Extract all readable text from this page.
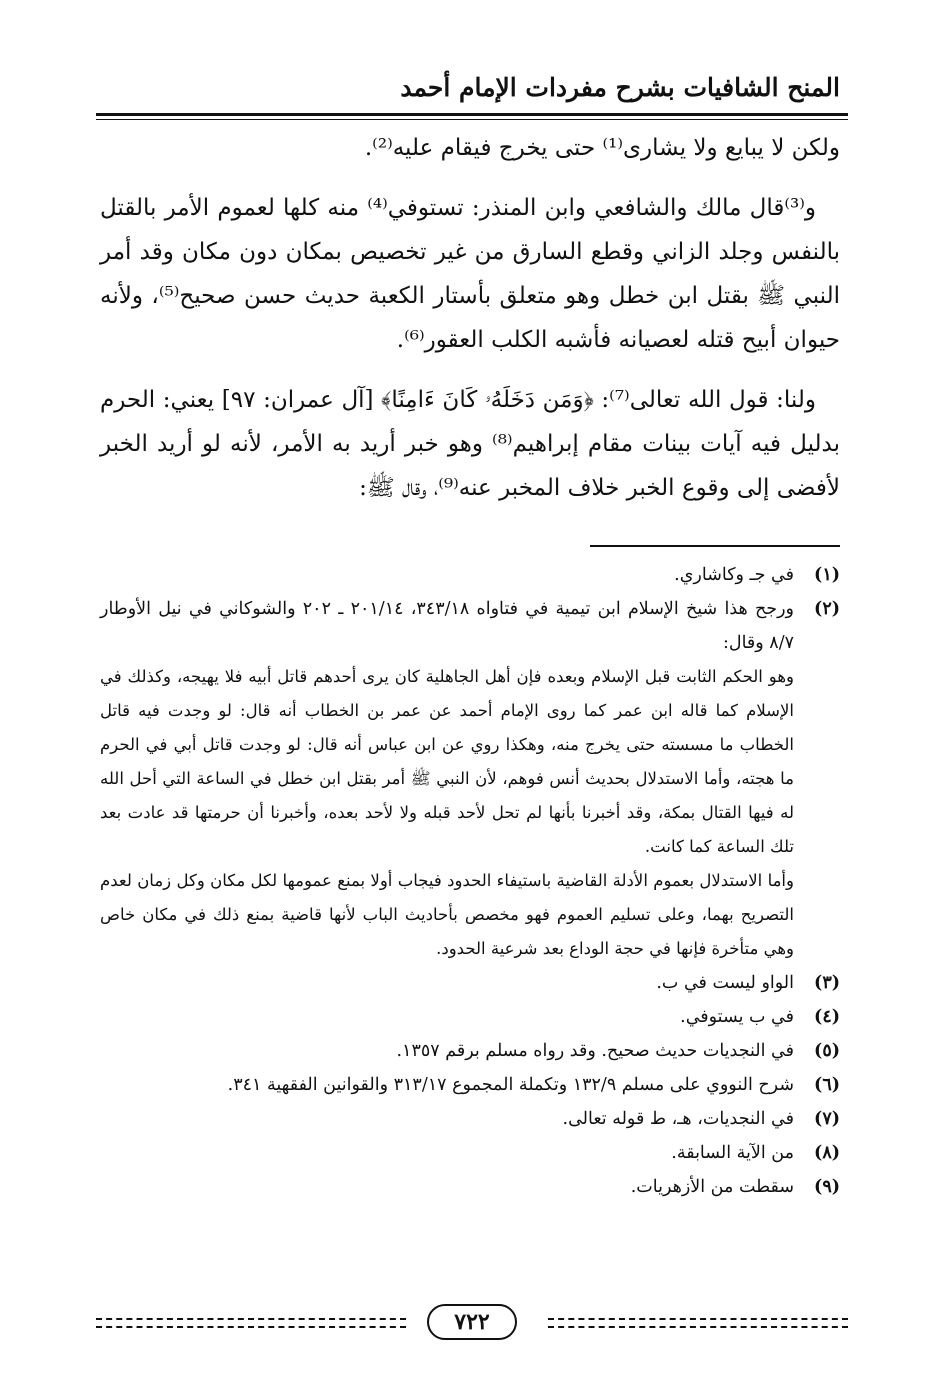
المنح الشافيات بشرح مفردات الإمام أحمد

ولكن لا يبايع ولا يشارى⁽¹⁾ حتى يخرج فيقام عليه⁽²⁾.

و⁽³⁾قال مالك والشافعي وابن المنذر: تستوفي⁽⁴⁾ منه كلها لعموم الأمر بالقتل بالنفس وجلد الزاني وقطع السارق من غير تخصيص بمكان دون مكان وقد أمر النبي ﷺ بقتل ابن خطل وهو متعلق بأستار الكعبة حديث حسن صحيح⁽⁵⁾، ولأنه حيوان أبيح قتله لعصيانه فأشبه الكلب العقور⁽⁶⁾.

ولنا: قول الله تعالى⁽⁷⁾: ﴿وَمَن دَخَلَهُۥ كَانَ ءَامِنًا﴾ [آل عمران: ٩٧] يعني: الحرم بدليل فيه آيات بينات مقام إبراهيم⁽⁸⁾ وهو خبر أريد به الأمر، لأنه لو أريد الخبر لأفضى إلى وقوع الخبر خلاف المخبر عنه⁽⁹⁾، وقال ﷺ:

(١)
في جـ وكاشاري.
(٢)
ورجح هذا شيخ الإسلام ابن تيمية في فتاواه ٣٤٣/١٨، ٢٠١/١٤ ـ ٢٠٢ والشوكاني في نيل الأوطار ٨/٧ وقال:

وهو الحكم الثابت قبل الإسلام وبعده فإن أهل الجاهلية كان يرى أحدهم قاتل أبيه فلا يهيجه، وكذلك في الإسلام كما قاله ابن عمر كما روى الإمام أحمد عن عمر بن الخطاب أنه قال: لو وجدت فيه قاتل الخطاب ما مسسته حتى يخرج منه، وهكذا روي عن ابن عباس أنه قال: لو وجدت قاتل أبي في الحرم ما هجته، وأما الاستدلال بحديث أنس فوهم، لأن النبي ﷺ أمر بقتل ابن خطل في الساعة التي أحل الله له فيها القتال بمكة، وقد أخبرنا بأنها لم تحل لأحد قبله ولا لأحد بعده، وأخبرنا أن حرمتها قد عادت بعد تلك الساعة كما كانت.

وأما الاستدلال بعموم الأدلة القاضية باستيفاء الحدود فيجاب أولا بمنع عمومها لكل مكان وكل زمان لعدم التصريح بهما، وعلى تسليم العموم فهو مخصص بأحاديث الباب لأنها قاضية بمنع ذلك في مكان خاص وهي متأخرة فإنها في حجة الوداع بعد شرعية الحدود.

(٣)
الواو ليست في ب.
(٤)
في ب يستوفي.
(٥)
في النجديات حديث صحيح. وقد رواه مسلم برقم ١٣٥٧.
(٦)
شرح النووي على مسلم ١٣٢/٩ وتكملة المجموع ٣١٣/١٧ والقوانين الفقهية ٣٤١.
(٧)
في النجديات، هـ، ط قوله تعالى.
(٨)
من الآية السابقة.
(٩)
سقطت من الأزهريات.
٧٢٢
